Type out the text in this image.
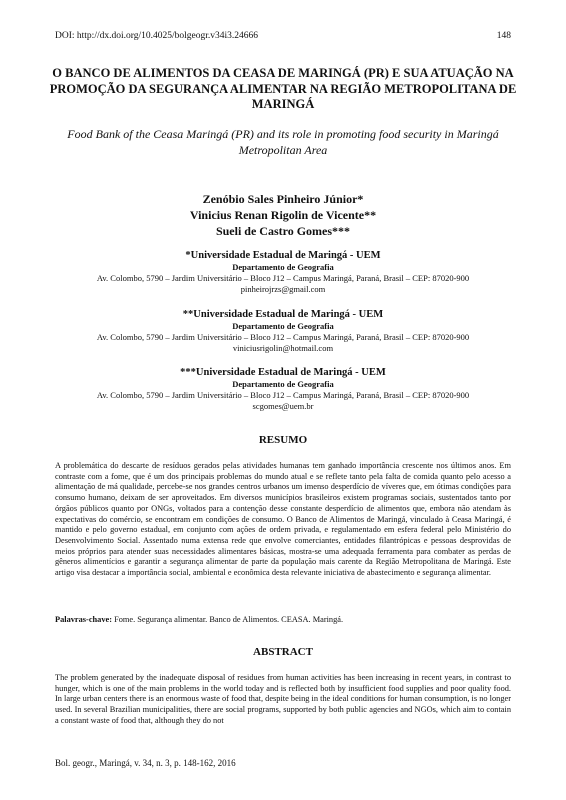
DOI: http://dx.doi.org/10.4025/bolgeogr.v34i3.24666	148
O BANCO DE ALIMENTOS DA CEASA DE MARINGÁ (PR) E SUA ATUAÇÃO NA PROMOÇÃO DA SEGURANÇA ALIMENTAR NA REGIÃO METROPOLITANA DE MARINGÁ
Food Bank of the Ceasa Maringá (PR) and its role in promoting food security in Maringá Metropolitan Area
Zenóbio Sales Pinheiro Júnior*
Vinicius Renan Rigolin de Vicente**
Sueli de Castro Gomes***
*Universidade Estadual de Maringá - UEM
Departamento de Geografia
Av. Colombo, 5790 – Jardim Universitário – Bloco J12 – Campus Maringá, Paraná, Brasil – CEP: 87020-900
pinheirojrzs@gmail.com
**Universidade Estadual de Maringá - UEM
Departamento de Geografia
Av. Colombo, 5790 – Jardim Universitário – Bloco J12 – Campus Maringá, Paraná, Brasil – CEP: 87020-900
viniciusrigolin@hotmail.com
***Universidade Estadual de Maringá - UEM
Departamento de Geografia
Av. Colombo, 5790 – Jardim Universitário – Bloco J12 – Campus Maringá, Paraná, Brasil – CEP: 87020-900
scgomes@uem.br
RESUMO
A problemática do descarte de resíduos gerados pelas atividades humanas tem ganhado importância crescente nos últimos anos. Em contraste com a fome, que é um dos principais problemas do mundo atual e se reflete tanto pela falta de comida quanto pelo acesso a alimentação de má qualidade, percebe-se nos grandes centros urbanos um imenso desperdício de víveres que, em ótimas condições para consumo humano, deixam de ser aproveitados. Em diversos municípios brasileiros existem programas sociais, sustentados tanto por órgãos públicos quanto por ONGs, voltados para a contenção desse constante desperdício de alimentos que, embora não atendam às expectativas do comércio, se encontram em condições de consumo. O Banco de Alimentos de Maringá, vinculado à Ceasa Maringá, é mantido e pelo governo estadual, em conjunto com ações de ordem privada, e regulamentado em esfera federal pelo Ministério do Desenvolvimento Social. Assentado numa extensa rede que envolve comerciantes, entidades filantrópicas e pessoas desprovidas de meios próprios para atender suas necessidades alimentares básicas, mostra-se uma adequada ferramenta para combater as perdas de gêneros alimentícios e garantir a segurança alimentar de parte da população mais carente da Região Metropolitana de Maringá. Este artigo visa destacar a importância social, ambiental e econômica desta relevante iniciativa de abastecimento e segurança alimentar.
Palavras-chave: Fome. Segurança alimentar. Banco de Alimentos. CEASA. Maringá.
ABSTRACT
The problem generated by the inadequate disposal of residues from human activities has been increasing in recent years, in contrast to hunger, which is one of the main problems in the world today and is reflected both by insufficient food supplies and poor quality food. In large urban centers there is an enormous waste of food that, despite being in the ideal conditions for human consumption, is no longer used. In several Brazilian municipalities, there are social programs, supported by both public agencies and NGOs, which aim to contain a constant waste of food that, although they do not
Bol. geogr., Maringá, v. 34, n. 3, p. 148-162, 2016
